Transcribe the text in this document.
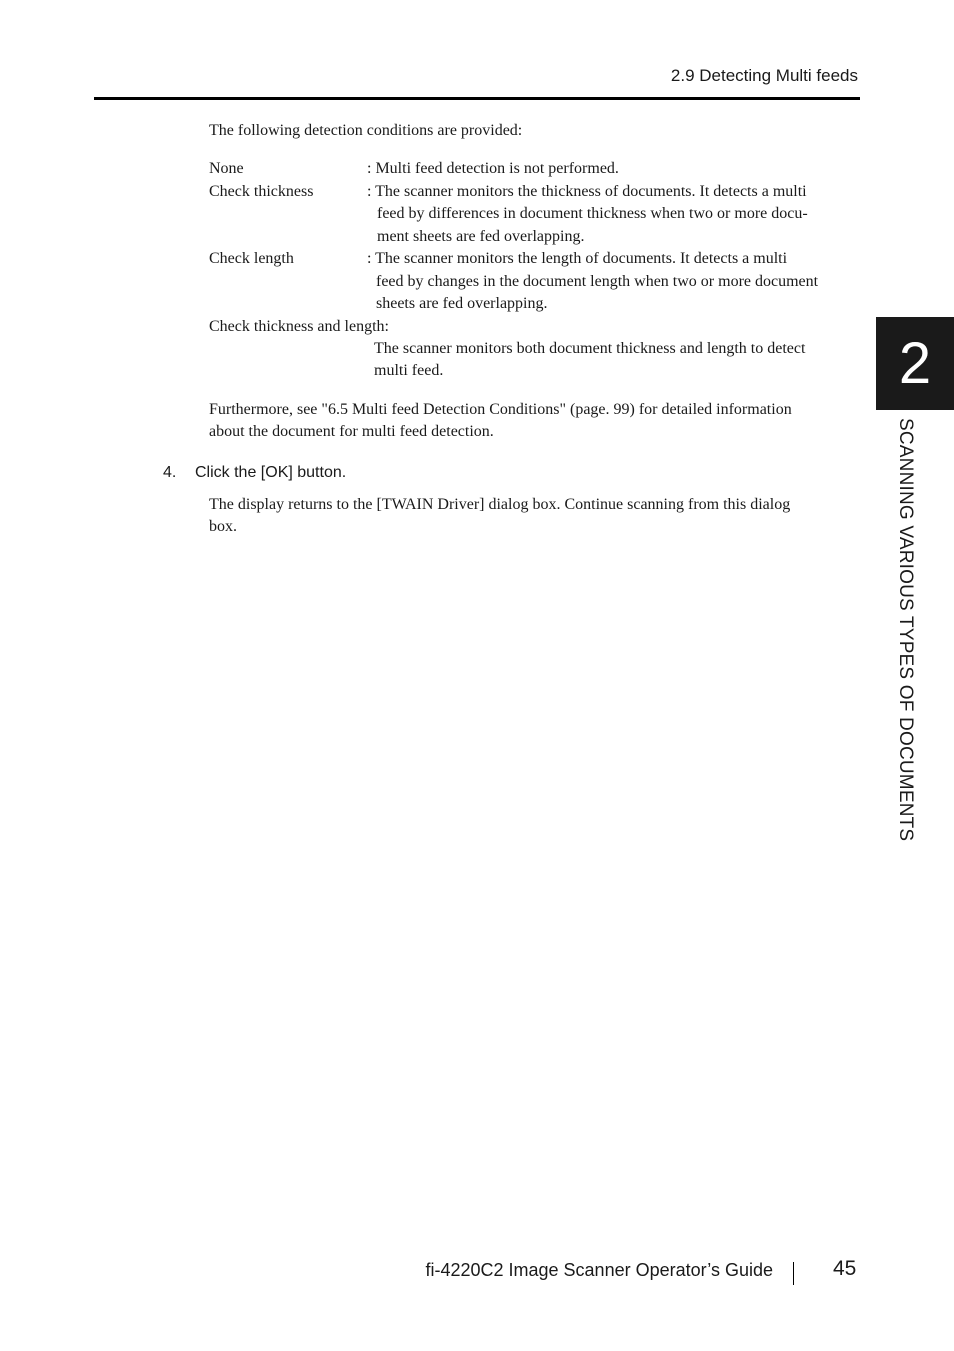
2.9 Detecting Multi feeds
The following detection conditions are provided:
None	: Multi feed detection is not performed.
Check thickness	: The scanner monitors the thickness of documents. It detects a multi
feed by differences in document thickness when two or more docu-
ment sheets are fed overlapping.
Check length	: The scanner monitors the length of documents. It detects a multi
feed by changes in the document length when two or more document
sheets are fed overlapping.
Check thickness and length:
The scanner monitors both document thickness and length to detect
multi feed.
Furthermore, see "6.5 Multi feed Detection Conditions" (page. 99) for detailed information
about the document for multi feed detection.
4. Click the [OK] button.
The display returns to the [TWAIN Driver] dialog box. Continue scanning from this dialog
box.
2
SCANNING VARIOUS TYPES OF DOCUMENTS
fi-4220C2 Image Scanner Operator’s Guide	45
